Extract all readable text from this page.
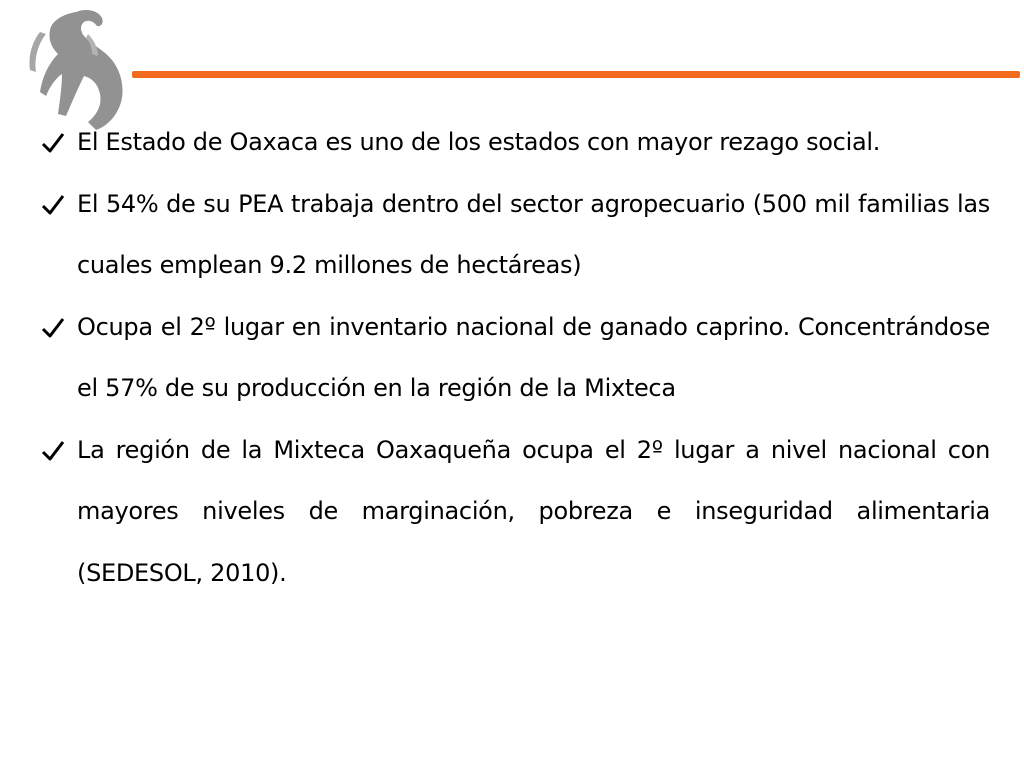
El Estado de Oaxaca es uno de los estados con mayor rezago social.
El 54% de su PEA trabaja dentro del sector agropecuario (500 mil familias las cuales emplean 9.2 millones de hectáreas)
Ocupa el 2º lugar en inventario nacional de ganado caprino. Concentrándose el 57% de su producción en la región de la Mixteca
La región de la Mixteca Oaxaqueña ocupa el 2º lugar a nivel nacional con mayores niveles de marginación, pobreza e inseguridad alimentaria (SEDESOL, 2010).
